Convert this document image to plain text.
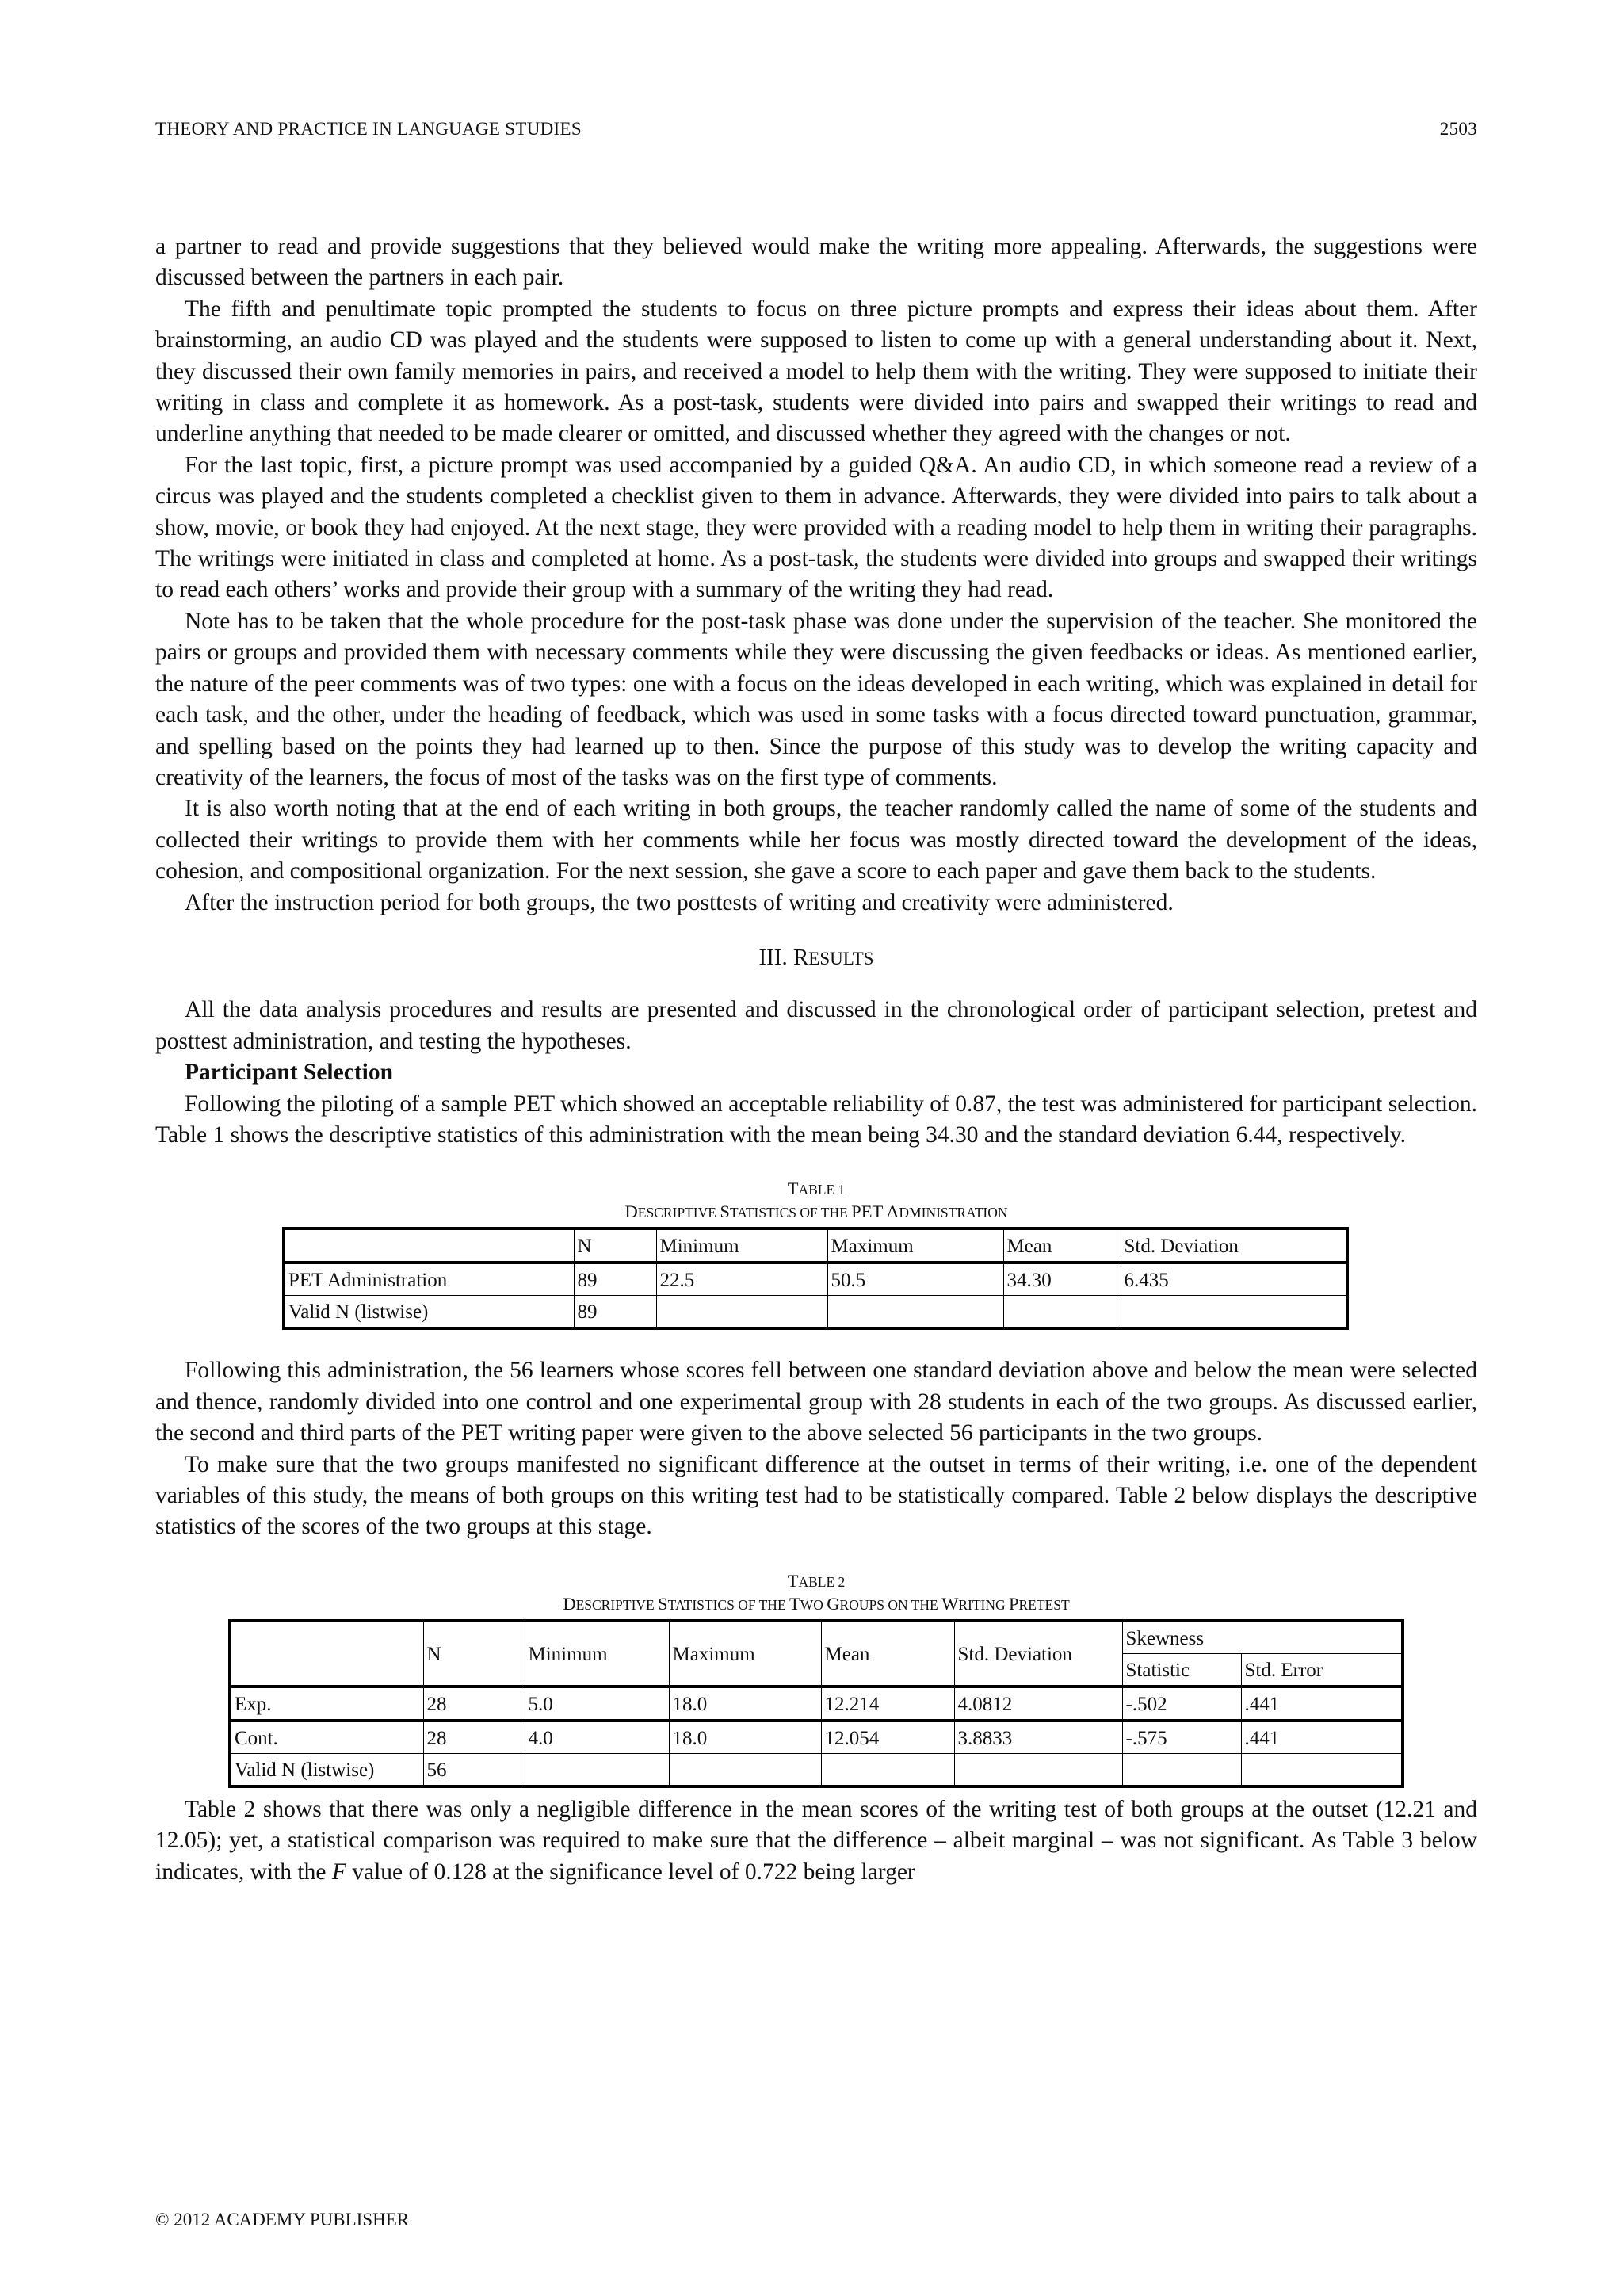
THEORY AND PRACTICE IN LANGUAGE STUDIES	2503

a partner to read and provide suggestions that they believed would make the writing more appealing. Afterwards, the suggestions were discussed between the partners in each pair.

The fifth and penultimate topic prompted the students to focus on three picture prompts and express their ideas about them. After brainstorming, an audio CD was played and the students were supposed to listen to come up with a general understanding about it. Next, they discussed their own family memories in pairs, and received a model to help them with the writing. They were supposed to initiate their writing in class and complete it as homework. As a post-task, students were divided into pairs and swapped their writings to read and underline anything that needed to be made clearer or omitted, and discussed whether they agreed with the changes or not.

For the last topic, first, a picture prompt was used accompanied by a guided Q&A. An audio CD, in which someone read a review of a circus was played and the students completed a checklist given to them in advance. Afterwards, they were divided into pairs to talk about a show, movie, or book they had enjoyed. At the next stage, they were provided with a reading model to help them in writing their paragraphs. The writings were initiated in class and completed at home. As a post-task, the students were divided into groups and swapped their writings to read each others’ works and provide their group with a summary of the writing they had read.

Note has to be taken that the whole procedure for the post-task phase was done under the supervision of the teacher. She monitored the pairs or groups and provided them with necessary comments while they were discussing the given feedbacks or ideas. As mentioned earlier, the nature of the peer comments was of two types: one with a focus on the ideas developed in each writing, which was explained in detail for each task, and the other, under the heading of feedback, which was used in some tasks with a focus directed toward punctuation, grammar, and spelling based on the points they had learned up to then. Since the purpose of this study was to develop the writing capacity and creativity of the learners, the focus of most of the tasks was on the first type of comments.

It is also worth noting that at the end of each writing in both groups, the teacher randomly called the name of some of the students and collected their writings to provide them with her comments while her focus was mostly directed toward the development of the ideas, cohesion, and compositional organization. For the next session, she gave a score to each paper and gave them back to the students.

After the instruction period for both groups, the two posttests of writing and creativity were administered.

III. RESULTS

All the data analysis procedures and results are presented and discussed in the chronological order of participant selection, pretest and posttest administration, and testing the hypotheses.

Participant Selection

Following the piloting of a sample PET which showed an acceptable reliability of 0.87, the test was administered for participant selection. Table 1 shows the descriptive statistics of this administration with the mean being 34.30 and the standard deviation 6.44, respectively.

TABLE 1
DESCRIPTIVE STATISTICS OF THE PET ADMINISTRATION
	N	Minimum	Maximum	Mean	Std. Deviation
PET Administration	89	22.5	50.5	34.30	6.435
Valid N (listwise)	89				

Following this administration, the 56 learners whose scores fell between one standard deviation above and below the mean were selected and thence, randomly divided into one control and one experimental group with 28 students in each of the two groups. As discussed earlier, the second and third parts of the PET writing paper were given to the above selected 56 participants in the two groups.

To make sure that the two groups manifested no significant difference at the outset in terms of their writing, i.e. one of the dependent variables of this study, the means of both groups on this writing test had to be statistically compared. Table 2 below displays the descriptive statistics of the scores of the two groups at this stage.

TABLE 2
DESCRIPTIVE STATISTICS OF THE TWO GROUPS ON THE WRITING PRETEST
	N	Minimum	Maximum	Mean	Std. Deviation	Skewness	
						Statistic	Std. Error
Exp.	28	5.0	18.0	12.214	4.0812	-.502	.441
Cont.	28	4.0	18.0	12.054	3.8833	-.575	.441
Valid N (listwise)	56						

Table 2 shows that there was only a negligible difference in the mean scores of the writing test of both groups at the outset (12.21 and 12.05); yet, a statistical comparison was required to make sure that the difference – albeit marginal – was not significant. As Table 3 below indicates, with the F value of 0.128 at the significance level of 0.722 being larger

© 2012 ACADEMY PUBLISHER
